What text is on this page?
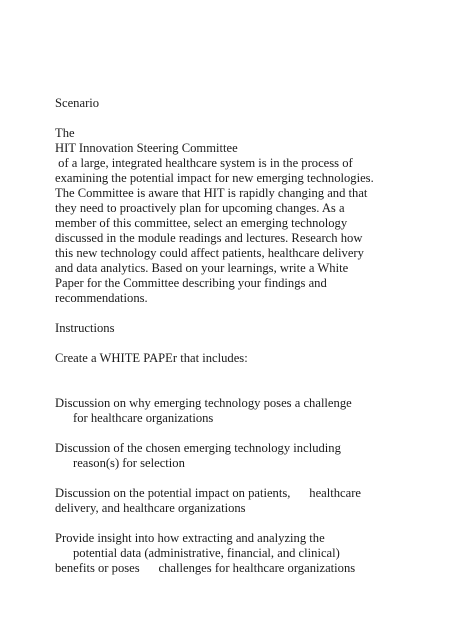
Scenario
The
HIT Innovation Steering Committee
of a large, integrated healthcare system is in the process of
examining the potential impact for new emerging technologies.
The Committee is aware that HIT is rapidly changing and that
they need to proactively plan for upcoming changes. As a
member of this committee, select an emerging technology
discussed in the module readings and lectures. Research how
this new technology could affect patients, healthcare delivery
and data analytics. Based on your learnings, write a White
Paper for the Committee describing your findings and
recommendations.
Instructions
Create a WHITE PAPEr that includes:
Discussion on why emerging technology poses a challenge
for healthcare organizations
Discussion of the chosen emerging technology including
reason(s) for selection
Discussion on the potential impact on patients,      healthcare
delivery, and healthcare organizations
Provide insight into how extracting and analyzing the
potential data (administrative, financial, and clinical)
benefits or poses      challenges for healthcare organizations
